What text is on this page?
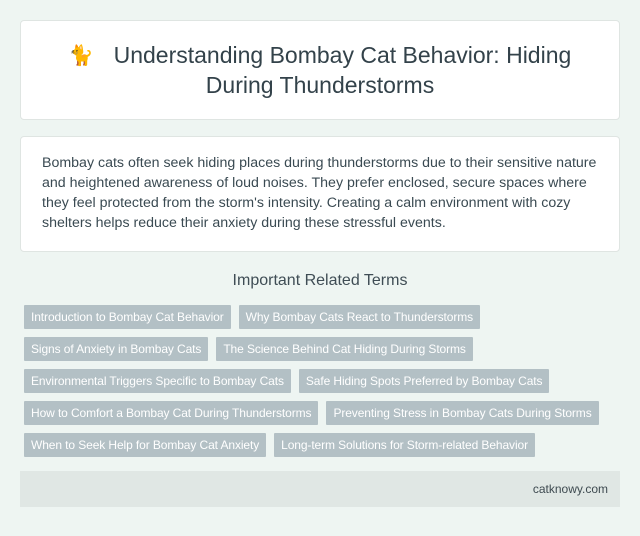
🐈 Understanding Bombay Cat Behavior: Hiding During Thunderstorms

Bombay cats often seek hiding places during thunderstorms due to their sensitive nature and heightened awareness of loud noises. They prefer enclosed, secure spaces where they feel protected from the storm's intensity. Creating a calm environment with cozy shelters helps reduce their anxiety during these stressful events.

Important Related Terms
Introduction to Bombay Cat Behavior	Why Bombay Cats React to Thunderstorms
Signs of Anxiety in Bombay Cats	The Science Behind Cat Hiding During Storms
Environmental Triggers Specific to Bombay Cats	Safe Hiding Spots Preferred by Bombay Cats
How to Comfort a Bombay Cat During Thunderstorms	Preventing Stress in Bombay Cats During Storms
When to Seek Help for Bombay Cat Anxiety	Long-term Solutions for Storm-related Behavior
catknowy.com
